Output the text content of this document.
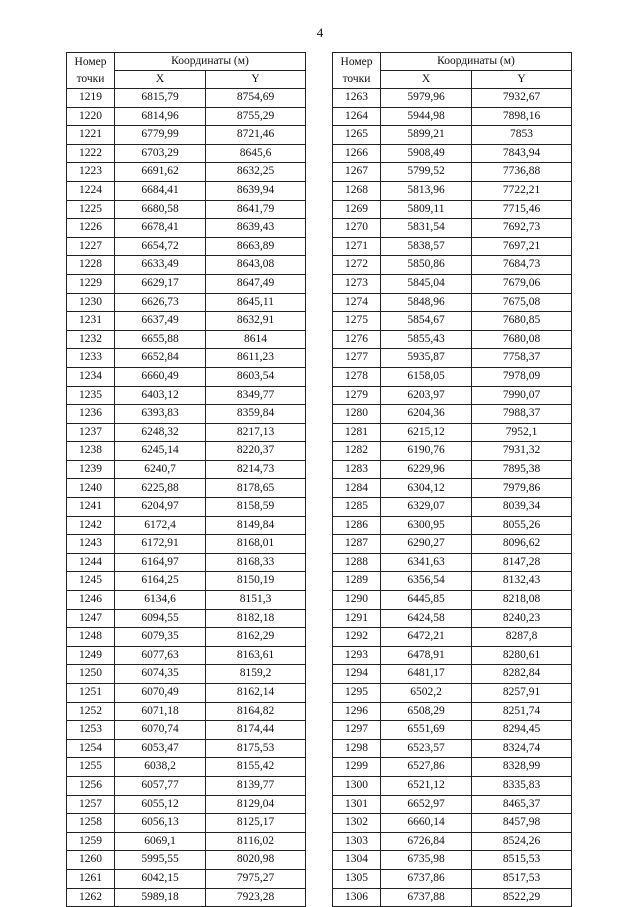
4
Номер
точки	Координаты (м)	
	X	Y
1219	6815,79	8754,69
1220	6814,96	8755,29
1221	6779,99	8721,46
1222	6703,29	8645,6
1223	6691,62	8632,25
1224	6684,41	8639,94
1225	6680,58	8641,79
1226	6678,41	8639,43
1227	6654,72	8663,89
1228	6633,49	8643,08
1229	6629,17	8647,49
1230	6626,73	8645,11
1231	6637,49	8632,91
1232	6655,88	8614
1233	6652,84	8611,23
1234	6660,49	8603,54
1235	6403,12	8349,77
1236	6393,83	8359,84
1237	6248,32	8217,13
1238	6245,14	8220,37
1239	6240,7	8214,73
1240	6225,88	8178,65
1241	6204,97	8158,59
1242	6172,4	8149,84
1243	6172,91	8168,01
1244	6164,97	8168,33
1245	6164,25	8150,19
1246	6134,6	8151,3
1247	6094,55	8182,18
1248	6079,35	8162,29
1249	6077,63	8163,61
1250	6074,35	8159,2
1251	6070,49	8162,14
1252	6071,18	8164,82
1253	6070,74	8174,44
1254	6053,47	8175,53
1255	6038,2	8155,42
1256	6057,77	8139,77
1257	6055,12	8129,04
1258	6056,13	8125,17
1259	6069,1	8116,02
1260	5995,55	8020,98
1261	6042,15	7975,27
1262	5989,18	7923,28
Номер
точки	Координаты (м)	
	X	Y
1263	5979,96	7932,67
1264	5944,98	7898,16
1265	5899,21	7853
1266	5908,49	7843,94
1267	5799,52	7736,88
1268	5813,96	7722,21
1269	5809,11	7715,46
1270	5831,54	7692,73
1271	5838,57	7697,21
1272	5850,86	7684,73
1273	5845,04	7679,06
1274	5848,96	7675,08
1275	5854,67	7680,85
1276	5855,43	7680,08
1277	5935,87	7758,37
1278	6158,05	7978,09
1279	6203,97	7990,07
1280	6204,36	7988,37
1281	6215,12	7952,1
1282	6190,76	7931,32
1283	6229,96	7895,38
1284	6304,12	7979,86
1285	6329,07	8039,34
1286	6300,95	8055,26
1287	6290,27	8096,62
1288	6341,63	8147,28
1289	6356,54	8132,43
1290	6445,85	8218,08
1291	6424,58	8240,23
1292	6472,21	8287,8
1293	6478,91	8280,61
1294	6481,17	8282,84
1295	6502,2	8257,91
1296	6508,29	8251,74
1297	6551,69	8294,45
1298	6523,57	8324,74
1299	6527,86	8328,99
1300	6521,12	8335,83
1301	6652,97	8465,37
1302	6660,14	8457,98
1303	6726,84	8524,26
1304	6735,98	8515,53
1305	6737,86	8517,53
1306	6737,88	8522,29
